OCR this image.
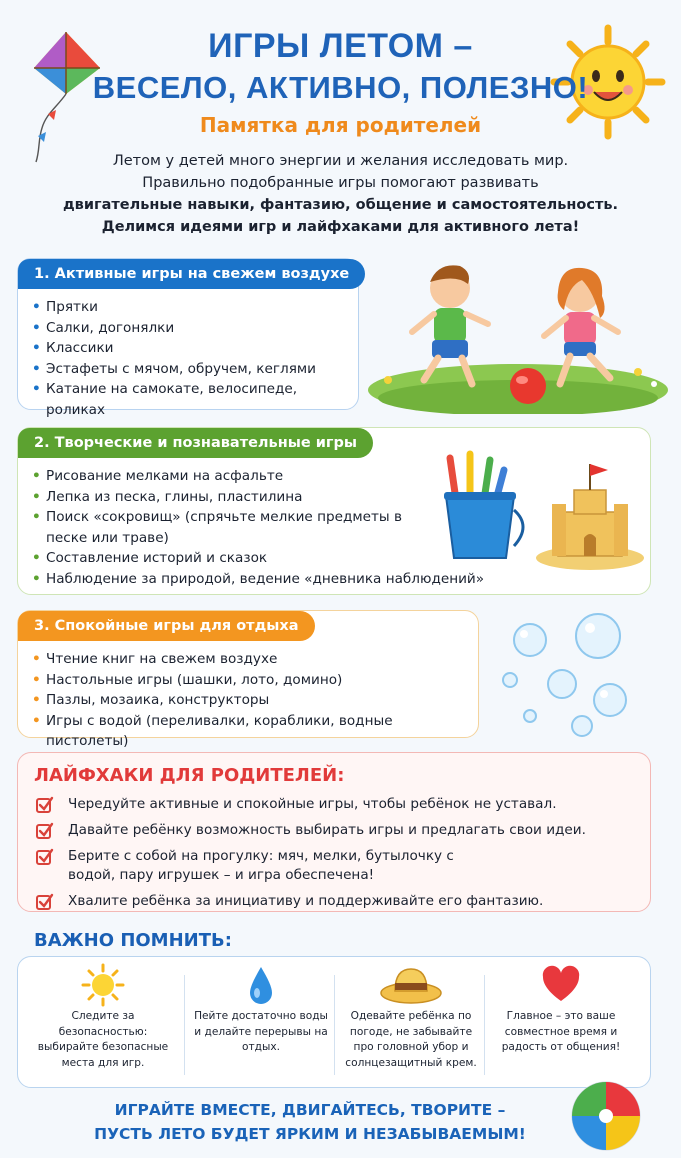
ИГРЫ ЛЕТОМ –
ВЕСЕЛО, АКТИВНО, ПОЛЕЗНО!
Памятка для родителей
Летом у детей много энергии и желания исследовать мир.
Правильно подобранные игры помогают развивать
двигательные навыки, фантазию, общение и самостоятельность.
Делимся идеями игр и лайфхаками для активного лета!
1. Активные игры на свежем воздухе
• Прятки
• Салки, догонялки
• Классики
• Эстафеты с мячом, обручем, кеглями
• Катание на самокате, велосипеде, роликах
2. Творческие и познавательные игры
• Рисование мелками на асфальте
• Лепка из песка, глины, пластилина
• Поиск «сокровищ» (спрячьте мелкие предметы в песке или траве)
• Составление историй и сказок
• Наблюдение за природой, ведение «дневника наблюдений»
3. Спокойные игры для отдыха
• Чтение книг на свежем воздухе
• Настольные игры (шашки, лото, домино)
• Пазлы, мозаика, конструкторы
• Игры с водой (переливалки, кораблики, водные пистолеты)
ЛАЙФХАКИ ДЛЯ РОДИТЕЛЕЙ:
Чередуйте активные и спокойные игры, чтобы ребёнок не уставал.
Давайте ребёнку возможность выбирать игры и предлагать свои идеи.
Берите с собой на прогулку: мяч, мелки, бутылочку с водой, пару игрушек – и игра обеспечена!
Хвалите ребёнка за инициативу и поддерживайте его фантазию.
ВАЖНО ПОМНИТЬ:
Следите за безопасностью: выбирайте безопасные места для игр.
Пейте достаточно воды и делайте перерывы на отдых.
Одевайте ребёнка по погоде, не забывайте про головной убор и солнцезащитный крем.
Главное – это ваше совместное время и радость от общения!
ИГРАЙТЕ ВМЕСТЕ, ДВИГАЙТЕСЬ, ТВОРИТЕ –
ПУСТЬ ЛЕТО БУДЕТ ЯРКИМ И НЕЗАБЫВАЕМЫМ!
